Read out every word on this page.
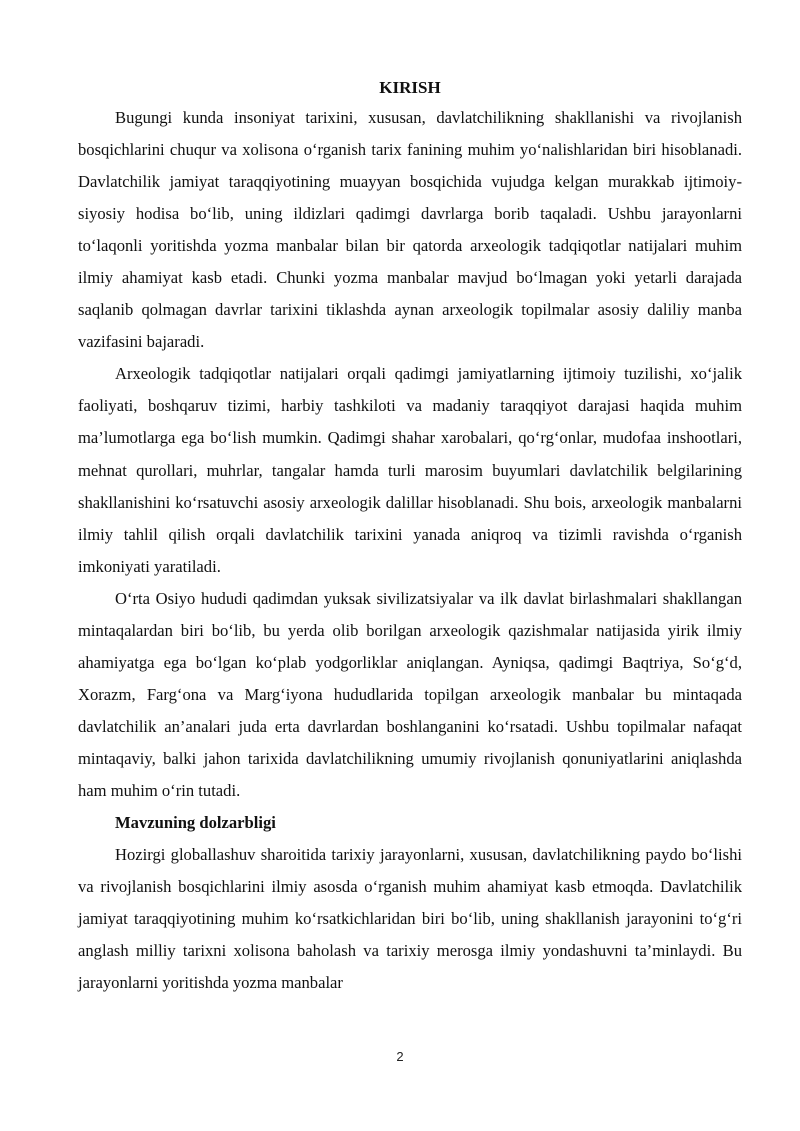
KIRISH

Bugungi kunda insoniyat tarixini, xususan, davlatchilikning shakllanishi va rivojlanish bosqichlarini chuqur va xolisona o‘rganish tarix fanining muhim yo‘nalishlaridan biri hisoblanadi. Davlatchilik jamiyat taraqqiyotining muayyan bosqichida vujudga kelgan murakkab ijtimoiy-siyosiy hodisa bo‘lib, uning ildizlari qadimgi davrlarga borib taqaladi. Ushbu jarayonlarni to‘laqonli yoritishda yozma manbalar bilan bir qatorda arxeologik tadqiqotlar natijalari muhim ilmiy ahamiyat kasb etadi. Chunki yozma manbalar mavjud bo‘lmagan yoki yetarli darajada saqlanib qolmagan davrlar tarixini tiklashda aynan arxeologik topilmalar asosiy daliliy manba vazifasini bajaradi.

Arxeologik tadqiqotlar natijalari orqali qadimgi jamiyatlarning ijtimoiy tuzilishi, xo‘jalik faoliyati, boshqaruv tizimi, harbiy tashkiloti va madaniy taraqqiyot darajasi haqida muhim ma’lumotlarga ega bo‘lish mumkin. Qadimgi shahar xarobalari, qo‘rg‘onlar, mudofaa inshootlari, mehnat qurollari, muhrlar, tangalar hamda turli marosim buyumlari davlatchilik belgilarining shakllanishini ko‘rsatuvchi asosiy arxeologik dalillar hisoblanadi. Shu bois, arxeologik manbalarni ilmiy tahlil qilish orqali davlatchilik tarixini yanada aniqroq va tizimli ravishda o‘rganish imkoniyati yaratiladi.

O‘rta Osiyo hududi qadimdan yuksak sivilizatsiyalar va ilk davlat birlashmalari shakllangan mintaqalardan biri bo‘lib, bu yerda olib borilgan arxeologik qazishmalar natijasida yirik ilmiy ahamiyatga ega bo‘lgan ko‘plab yodgorliklar aniqlangan. Ayniqsa, qadimgi Baqtriya, So‘g‘d, Xorazm, Farg‘ona va Marg‘iyona hududlarida topilgan arxeologik manbalar bu mintaqada davlatchilik an’analari juda erta davrlardan boshlanganini ko‘rsatadi. Ushbu topilmalar nafaqat mintaqaviy, balki jahon tarixida davlatchilikning umumiy rivojlanish qonuniyatlarini aniqlashda ham muhim o‘rin tutadi.

Mavzuning dolzarbligi

Hozirgi globallashuv sharoitida tarixiy jarayonlarni, xususan, davlatchilikning paydo bo‘lishi va rivojlanish bosqichlarini ilmiy asosda o‘rganish muhim ahamiyat kasb etmoqda. Davlatchilik jamiyat taraqqiyotining muhim ko‘rsatkichlaridan biri bo‘lib, uning shakllanish jarayonini to‘g‘ri anglash milliy tarixni xolisona baholash va tarixiy merosga ilmiy yondashuvni ta’minlaydi. Bu jarayonlarni yoritishda yozma manbalar

2
